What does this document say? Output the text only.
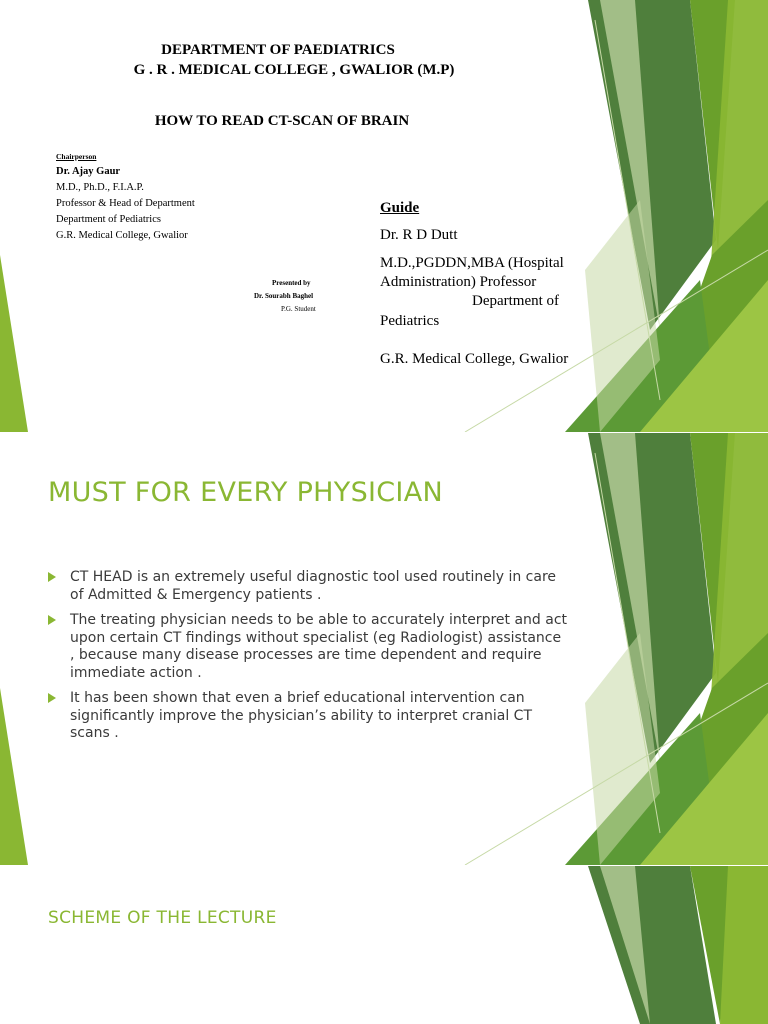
DEPARTMENT OF PAEDIATRICS

G . R . MEDICAL COLLEGE , GWALIOR (M.P)

HOW TO READ CT-SCAN OF BRAIN

Chairperson

Dr. Ajay Gaur

M.D., Ph.D., F.I.A.P.

Professor & Head of Department

Department of Pediatrics

G.R. Medical College, Gwalior

Presented by

Dr. Sourabh Baghel

P.G. Student

Guide

Dr. R D Dutt

M.D.,PGDDN,MBA (Hospital

Administration) Professor

Department of

Pediatrics

G.R. Medical College, Gwalior

MUST FOR EVERY PHYSICIAN
CT HEAD is an extremely useful diagnostic tool used routinely in care of Admitted & Emergency patients .
The treating physician needs to be able to accurately interpret and act upon certain CT findings without specialist (eg Radiologist) assistance , because many disease processes are time dependent and require immediate action .
It has been shown that even a brief educational intervention can significantly improve the physician’s ability to interpret cranial CT scans .
SCHEME OF THE LECTURE
